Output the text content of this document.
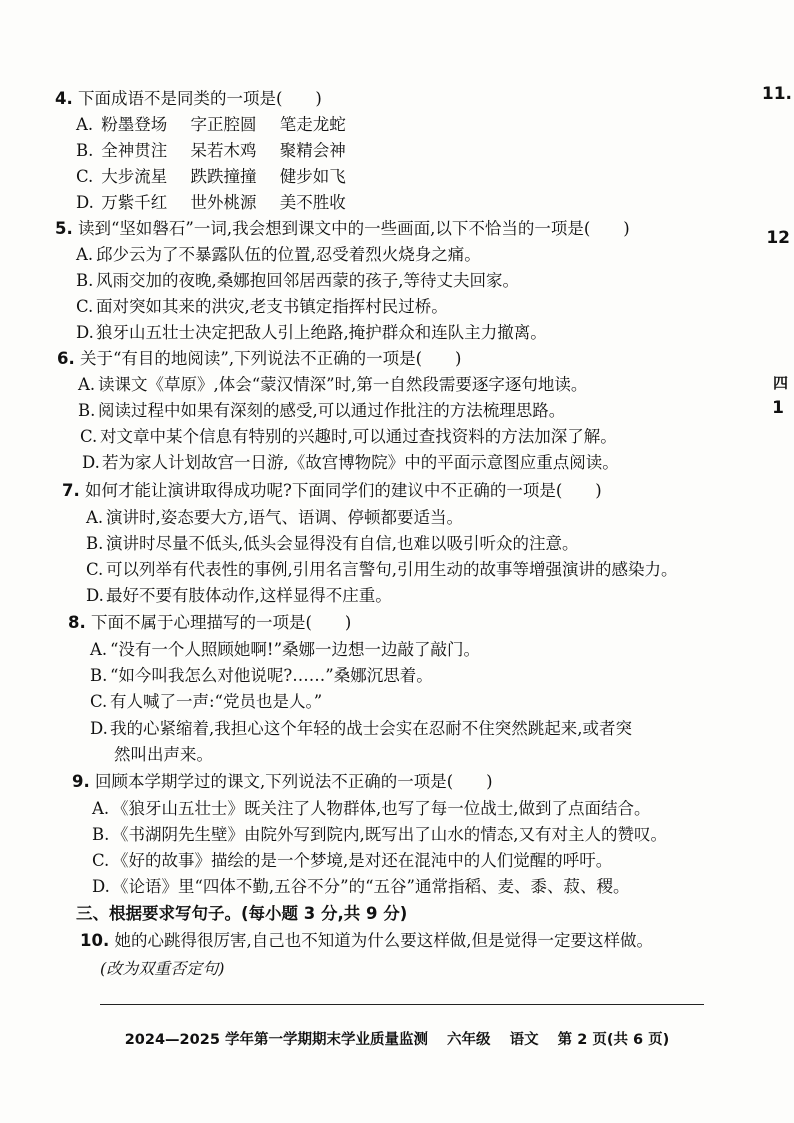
4. 下面成语不是同类的一项是(　　)
A. 粉墨登场 字正腔圆 笔走龙蛇
B. 全神贯注 呆若木鸡 聚精会神
C. 大步流星 跌跌撞撞 健步如飞
D. 万紫千红 世外桃源 美不胜收
5. 读到“坚如磐石”一词,我会想到课文中的一些画面,以下不恰当的一项是(　　)
A. 邱少云为了不暴露队伍的位置,忍受着烈火烧身之痛。
B. 风雨交加的夜晚,桑娜抱回邻居西蒙的孩子,等待丈夫回家。
C. 面对突如其来的洪灾,老支书镇定指挥村民过桥。
D. 狼牙山五壮士决定把敌人引上绝路,掩护群众和连队主力撤离。
6. 关于“有目的地阅读”,下列说法不正确的一项是(　　)
A. 读课文《草原》,体会“蒙汉情深”时,第一自然段需要逐字逐句地读。
B. 阅读过程中如果有深刻的感受,可以通过作批注的方法梳理思路。
C. 对文章中某个信息有特别的兴趣时,可以通过查找资料的方法加深了解。
D. 若为家人计划故宫一日游,《故宫博物院》中的平面示意图应重点阅读。
7. 如何才能让演讲取得成功呢?下面同学们的建议中不正确的一项是(　　)
A. 演讲时,姿态要大方,语气、语调、停顿都要适当。
B. 演讲时尽量不低头,低头会显得没有自信,也难以吸引听众的注意。
C. 可以列举有代表性的事例,引用名言警句,引用生动的故事等增强演讲的感染力。
D. 最好不要有肢体动作,这样显得不庄重。
8. 下面不属于心理描写的一项是(　　)
A. “没有一个人照顾她啊!”桑娜一边想一边敲了敲门。
B. “如今叫我怎么对他说呢?……”桑娜沉思着。
C. 有人喊了一声:“党员也是人。”
D. 我的心紧缩着,我担心这个年轻的战士会实在忍耐不住突然跳起来,或者突
然叫出声来。
9. 回顾本学期学过的课文,下列说法不正确的一项是(　　)
A. 《狼牙山五壮士》既关注了人物群体,也写了每一位战士,做到了点面结合。
B. 《书湖阴先生壁》由院外写到院内,既写出了山水的情态,又有对主人的赞叹。
C. 《好的故事》描绘的是一个梦境,是对还在混沌中的人们觉醒的呼吁。
D. 《论语》里“四体不勤,五谷不分”的“五谷”通常指稻、麦、黍、菽、稷。
三、根据要求写句子。(每小题 3 分,共 9 分)
10. 她的心跳得很厉害,自己也不知道为什么要这样做,但是觉得一定要这样做。
(改为双重否定句)
2024—2025 学年第一学期期末学业质量监测 六年级 语文 第 2 页(共 6 页)
11.
12
四
1
